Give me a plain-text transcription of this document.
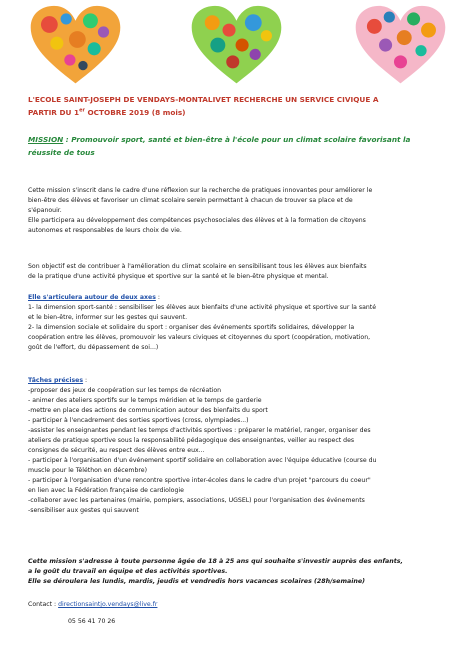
L'ECOLE SAINT-JOSEPH DE VENDAYS-MONTALIVET RECHERCHE UN SERVICE CIVIQUE A
PARTIR DU 1er OCTOBRE 2019 (8 mois)
MISSION : Promouvoir sport, santé et bien-être à l'école pour un climat scolaire favorisant la
réussite de tous
Cette mission s'inscrit dans le cadre d'une réflexion sur la recherche de pratiques innovantes pour améliorer le
bien-être des élèves et favoriser un climat scolaire serein permettant à chacun de trouver sa place et de
s'épanouir.
Elle participera au développement des compétences psychosociales des élèves et à la formation de citoyens
autonomes et responsables de leurs choix de vie.
Son objectif est de contribuer à l'amélioration du climat scolaire en sensibilisant tous les élèves aux bienfaits
de la pratique d'une activité physique et sportive sur la santé et le bien-être physique et mental.
Elle s'articulera autour de deux axes :
1- la dimension sport-santé : sensibiliser les élèves aux bienfaits d'une activité physique et sportive sur la santé
et le bien-être, informer sur les gestes qui sauvent.
2- la dimension sociale et solidaire du sport : organiser des événements sportifs solidaires, développer la
coopération entre les élèves, promouvoir les valeurs civiques et citoyennes du sport (coopération, motivation,
goût de l'effort, du dépassement de soi...)
Tâches précises :
-proposer des jeux de coopération sur les temps de récréation
- animer des ateliers sportifs sur le temps méridien et le temps de garderie
-mettre en place des actions de communication autour des bienfaits du sport
- participer à l'encadrement des sorties sportives (cross, olympiades...)
-assister les enseignantes pendant les temps d'activités sportives : préparer le matériel, ranger, organiser des
ateliers de pratique sportive sous la responsabilité pédagogique des enseignantes, veiller au respect des
consignes de sécurité, au respect des élèves entre eux...
- participer à l'organisation d'un événement sportif solidaire en collaboration avec l'équipe éducative (course du
muscle pour le Téléthon en décembre)
- participer à l'organisation d'une rencontre sportive inter-écoles dans le cadre d'un projet "parcours du coeur"
en lien avec la Fédération française de cardiologie
-collaborer avec les partenaires (mairie, pompiers, associations, UGSEL) pour l'organisation des événements
-sensibiliser aux gestes qui sauvent
Cette mission s'adresse à toute personne âgée de 18 à 25 ans qui souhaite s'investir auprès des enfants,
a le goût du travail en équipe et des activités sportives.
Elle se déroulera les lundis, mardis, jeudis et vendredis hors vacances scolaires (28h/semaine)
Contact : directionsaintjo.vendays@live.fr
05 56 41 70 26
